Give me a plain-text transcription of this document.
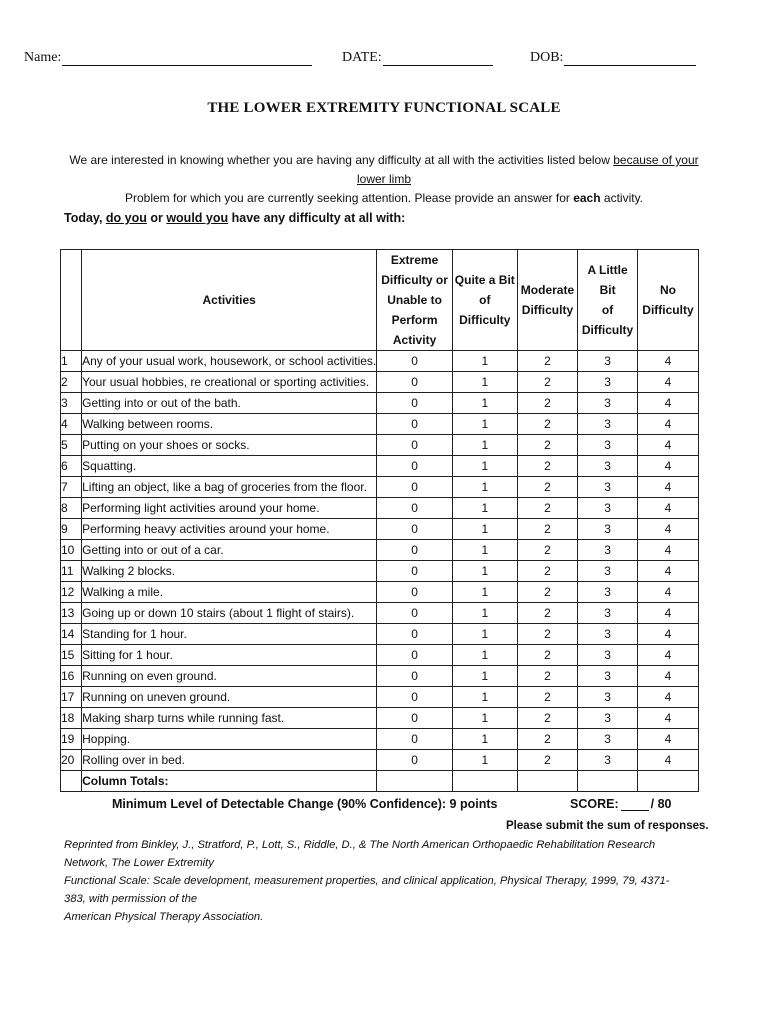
Name:	DATE:	DOB:
THE LOWER EXTREMITY FUNCTIONAL SCALE
We are interested in knowing whether you are having any difficulty at all with the activities listed below because of your lower limb
Problem for which you are currently seeking attention. Please provide an answer for each activity.
Today, do you or would you have any difficulty at all with:
	Activities	Extreme
Difficulty or
Unable to
Perform Activity	Quite a Bit
of Difficulty	Moderate
Difficulty	A Little Bit
of
Difficulty	No
Difficulty
1	Any of your usual work, housework, or school activities.	0	1	2	3	4
2	Your usual hobbies, re creational or sporting activities.	0	1	2	3	4
3	Getting into or out of the bath.	0	1	2	3	4
4	Walking between rooms.	0	1	2	3	4
5	Putting on your shoes or socks.	0	1	2	3	4
6	Squatting.	0	1	2	3	4
7	Lifting an object, like a bag of groceries from the floor.	0	1	2	3	4
8	Performing light activities around your home.	0	1	2	3	4
9	Performing heavy activities around your home.	0	1	2	3	4
10	Getting into or out of a car.	0	1	2	3	4
11	Walking 2 blocks.	0	1	2	3	4
12	Walking a mile.	0	1	2	3	4
13	Going up or down 10 stairs (about 1 flight of stairs).	0	1	2	3	4
14	Standing for 1 hour.	0	1	2	3	4
15	Sitting for 1 hour.	0	1	2	3	4
16	Running on even ground.	0	1	2	3	4
17	Running on uneven ground.	0	1	2	3	4
18	Making sharp turns while running fast.	0	1	2	3	4
19	Hopping.	0	1	2	3	4
20	Rolling over in bed.	0	1	2	3	4
	Column Totals:					
Minimum Level of Detectable Change (90% Confidence): 9 points	SCORE:	/ 80
Please submit the sum of responses.
Reprinted from Binkley, J., Stratford, P., Lott, S., Riddle, D., & The North American Orthopaedic Rehabilitation Research Network, The Lower Extremity
Functional Scale: Scale development, measurement properties, and clinical application, Physical Therapy, 1999, 79, 4371-383, with permission of the
American Physical Therapy Association.
